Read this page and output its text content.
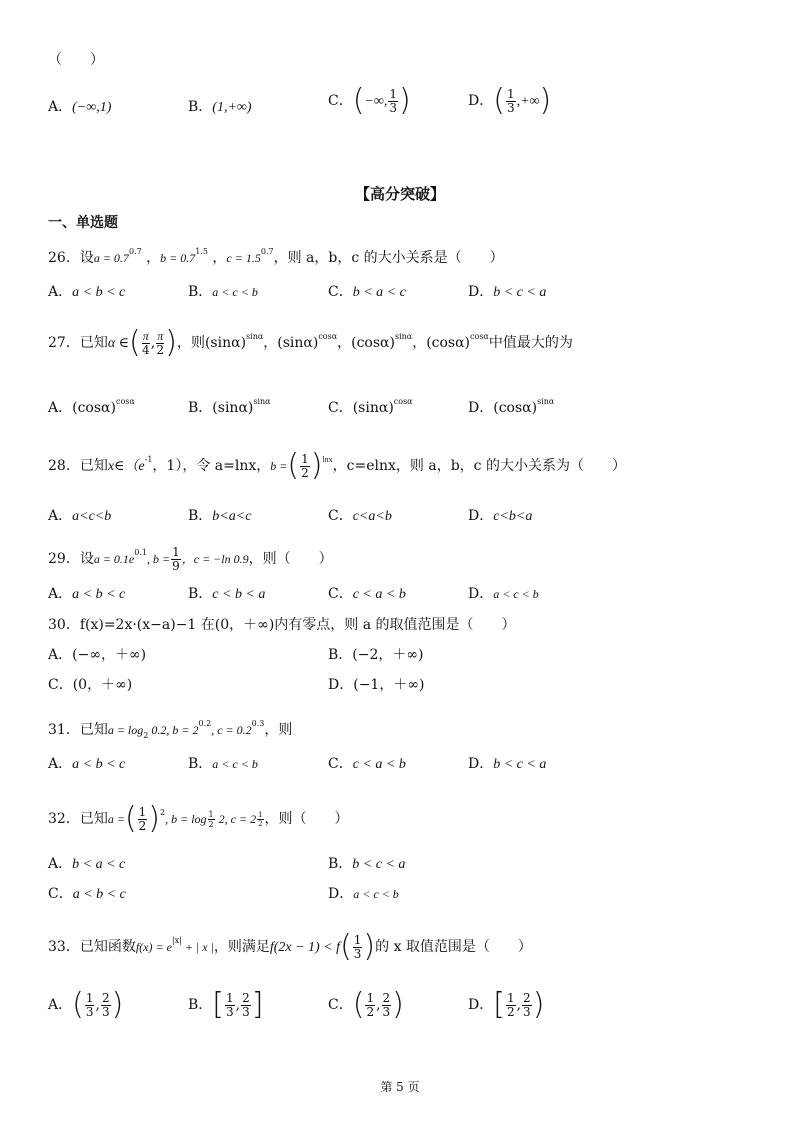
（　　）
A．(−∞,1)	B．(1,+∞)	C．(−∞, $\frac{1}{3}$ )	D．( $\frac{1}{3}$ ,+∞)
【高分突破】
一、单选题
26．设$a = 0.7^{0.7}$ ，$b = 0.7^{1.5}$ ，$c = 1.5^{0.7}$，则 a，b，c 的大小关系是（　　）
A．a < b < c	B．a < c < b	C．b < a < c	D．b < c < a
27．已知α ∈( $\frac{\pi}{4}$ , $\frac{\pi}{2}$ )，则$(\sin\alpha)^{sin\alpha}$，$(\sin\alpha)^{cos\alpha}$，$(\cos\alpha)^{sin\alpha}$，$(\cos\alpha)^{cos\alpha}$中值最大的为
A．$(\cos\alpha)^{cos\alpha}$	B．$(\sin\alpha)^{sin\alpha}$	C．$(\sin\alpha)^{cos\alpha}$	D．$(\cos\alpha)^{sin\alpha}$
28．已知$x\in(e^{-1}$，1），令 a=lnx，b =( $\frac{1}{2} )^{lnx}$，c=elnx，则 a，b，c 的大小关系为（　　）
A．a<c<b	B．b<a<c	C．c<a<b	D．c<b<a
29．设$a = 0.1e^{0.1}$, $b = \frac{1}{9}$ ，c = −ln 0.9，则（　　）
A．a < b < c	B．c < b < a	C．c < a < b	D．a < c < b
30．f(x)=2x·(x−a)−1 在(0，＋∞)内有零点，则 a 的取值范围是（　　）
A．(−∞，＋∞)	B．(−2，＋∞)
C．(0，＋∞)	D．(−1，＋∞)
31．已知$a = \log_2 0.2$, $b = 2^{0.2}$, $c = 0.2^{0.3}$，则
A．a < b < c	B．a < c < b	C．c < a < b	D．b < c < a
32．已知a =( $\frac{1}{2} )^2$, $b = \log \frac{1}{2} 2$, $c = 2 \frac{1}{2}$ ，则（　　）
A．b < a < c	B．b < c < a
C．a < b < c	D．a < c < b
33．已知函数$f(x) = e^{|x|}$ + | x |，则满足$f(2x - 1) < f( \frac{1}{3}$ )的 x 取值范围是（　　）
A．( $\frac{1}{3}$ , $\frac{2}{3}$ )	B．[ $\frac{1}{3}$ , $\frac{2}{3}$ ]	C．( $\frac{1}{2}$ , $\frac{2}{3}$ )	D．[ $\frac{1}{2}$ , $\frac{2}{3}$ )
第 5 页
